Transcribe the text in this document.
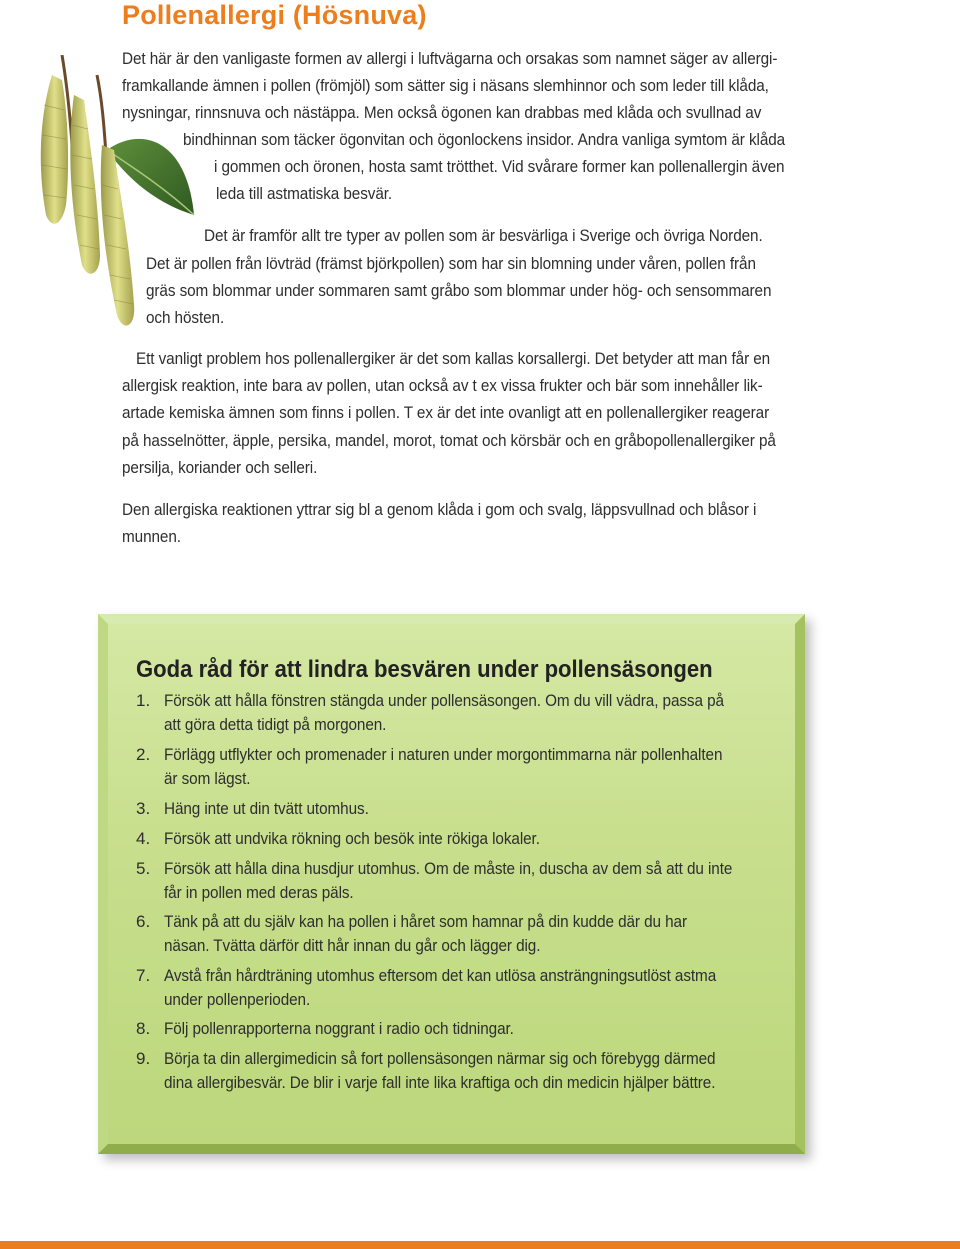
Pollenallergi (Hösnuva)
Det här är den vanligaste formen av allergi i luftvägarna och orsakas som namnet säger av allergi-
framkallande ämnen i pollen (frömjöl) som sätter sig i näsans slemhinnor och som leder till klåda,
nysningar, rinnsnuva och nästäppa. Men också ögonen kan drabbas med klåda och svullnad av
bindhinnan som täcker ögonvitan och ögonlockens insidor. Andra vanliga symtom är klåda
i gommen och öronen, hosta samt trötthet. Vid svårare former kan pollenallergin även
leda till astmatiska besvär.
Det är framför allt tre typer av pollen som är besvärliga i Sverige och övriga Norden.
Det är pollen från lövträd (främst björkpollen) som har sin blomning under våren, pollen från
gräs som blommar under sommaren samt gråbo som blommar under hög- och sensommaren
och hösten.
Ett vanligt problem hos pollenallergiker är det som kallas korsallergi. Det betyder att man får en
allergisk reaktion, inte bara av pollen, utan också av t ex vissa frukter och bär som innehåller lik-
artade kemiska ämnen som finns i pollen. T ex är det inte ovanligt att en pollenallergiker reagerar
på hasselnötter, äpple, persika, mandel, morot, tomat och körsbär och en gråbopollenallergiker på
persilja, koriander och selleri.
Den allergiska reaktionen yttrar sig bl a genom klåda i gom och svalg, läppsvullnad och blåsor i
munnen.
Goda råd för att lindra besvären under pollensäsongen
1. Försök att hålla fönstren stängda under pollensäsongen. Om du vill vädra, passa på
att göra detta tidigt på morgonen.
2. Förlägg utflykter och promenader i naturen under morgontimmarna när pollenhalten
är som lägst.
3. Häng inte ut din tvätt utomhus.
4. Försök att undvika rökning och besök inte rökiga lokaler.
5. Försök att hålla dina husdjur utomhus. Om de måste in, duscha av dem så att du inte
får in pollen med deras päls.
6. Tänk på att du själv kan ha pollen i håret som hamnar på din kudde där du har
näsan. Tvätta därför ditt hår innan du går och lägger dig.
7. Avstå från hårdträning utomhus eftersom det kan utlösa ansträngningsutlöst astma
under pollenperioden.
8. Följ pollenrapporterna noggrant i radio och tidningar.
9. Börja ta din allergimedicin så fort pollensäsongen närmar sig och förebygg därmed
dina allergibesvär. De blir i varje fall inte lika kraftiga och din medicin hjälper bättre.
